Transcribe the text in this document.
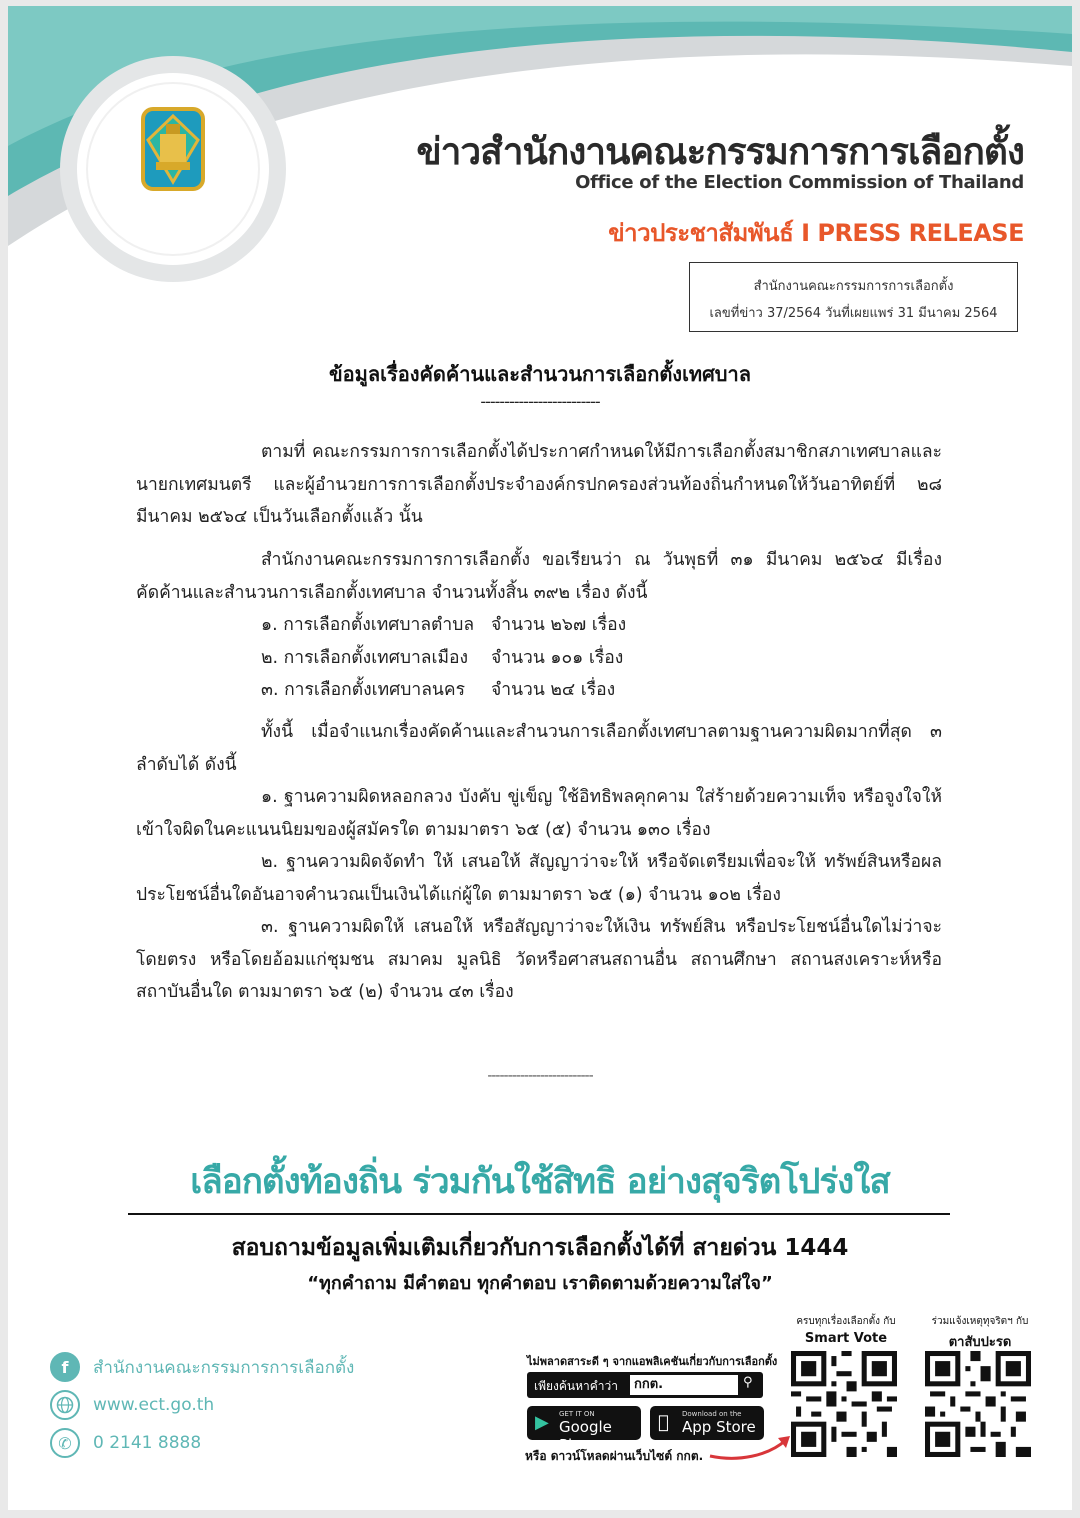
ข่าวสำนักงานคณะกรรมการการเลือกตั้ง
Office of the Election Commission of Thailand
ข่าวประชาสัมพันธ์ I PRESS RELEASE
สำนักงานคณะกรรมการการเลือกตั้ง
เลขที่ข่าว 37/2564 วันที่เผยแพร่ 31 มีนาคม 2564
ข้อมูลเรื่องคัดค้านและสำนวนการเลือกตั้งเทศบาล
-------------------------

ตามที่ คณะกรรมการการเลือกตั้งได้ประกาศกำหนดให้มีการเลือกตั้งสมาชิกสภาเทศบาลและนายกเทศมนตรี และผู้อำนวยการการเลือกตั้งประจำองค์กรปกครองส่วนท้องถิ่นกำหนดให้วันอาทิตย์ที่ ๒๘ มีนาคม ๒๕๖๔ เป็นวันเลือกตั้งแล้ว นั้น

สำนักงานคณะกรรมการการเลือกตั้ง ขอเรียนว่า ณ วันพุธที่ ๓๑ มีนาคม ๒๕๖๔ มีเรื่องคัดค้านและสำนวนการเลือกตั้งเทศบาล จำนวนทั้งสิ้น ๓๙๒ เรื่อง ดังนี้

๑. การเลือกตั้งเทศบาลตำบล จำนวน ๒๖๗ เรื่อง
๒. การเลือกตั้งเทศบาลเมือง จำนวน ๑๐๑ เรื่อง
๓. การเลือกตั้งเทศบาลนคร จำนวน ๒๔ เรื่อง

ทั้งนี้ เมื่อจำแนกเรื่องคัดค้านและสำนวนการเลือกตั้งเทศบาลตามฐานความผิดมากที่สุด ๓ ลำดับได้ ดังนี้

๑. ฐานความผิดหลอกลวง บังคับ ขู่เข็ญ ใช้อิทธิพลคุกคาม ใส่ร้ายด้วยความเท็จ หรือจูงใจให้เข้าใจผิดในคะแนนนิยมของผู้สมัครใด ตามมาตรา ๖๕ (๕) จำนวน ๑๓๐ เรื่อง

๒. ฐานความผิดจัดทำ ให้ เสนอให้ สัญญาว่าจะให้ หรือจัดเตรียมเพื่อจะให้ ทรัพย์สินหรือผลประโยชน์อื่นใดอันอาจคำนวณเป็นเงินได้แก่ผู้ใด ตามมาตรา ๖๕ (๑) จำนวน ๑๐๒ เรื่อง

๓. ฐานความผิดให้ เสนอให้ หรือสัญญาว่าจะให้เงิน ทรัพย์สิน หรือประโยชน์อื่นใดไม่ว่าจะโดยตรง หรือโดยอ้อมแก่ชุมชน สมาคม มูลนิธิ วัดหรือศาสนสถานอื่น สถานศึกษา สถานสงเคราะห์หรือสถาบันอื่นใด ตามมาตรา ๖๕ (๒) จำนวน ๔๓ เรื่อง

--------------------------
เลือกตั้งท้องถิ่น ร่วมกันใช้สิทธิ อย่างสุจริตโปร่งใส
สอบถามข้อมูลเพิ่มเติมเกี่ยวกับการเลือกตั้งได้ที่ สายด่วน 1444
“ทุกคำถาม มีคำตอบ ทุกคำตอบ เราติดตามด้วยความใส่ใจ”
f	สำนักงานคณะกรรมการการเลือกตั้ง
www.ect.go.th
✆	0 2141 8888
ไม่พลาดสาระดี ๆ จากแอพลิเคชันเกี่ยวกับการเลือกตั้ง
เพียงค้นหาคำว่า	กกต.	⚲
▶ GET IT ON
Google Play
Download on the
App Store
หรือ ดาวน์โหลดผ่านเว็บไซต์ กกต.
ครบทุกเรื่องเลือกตั้ง กับ
Smart Vote
ร่วมแจ้งเหตุทุจริตฯ กับ
ตาสับปะรด
